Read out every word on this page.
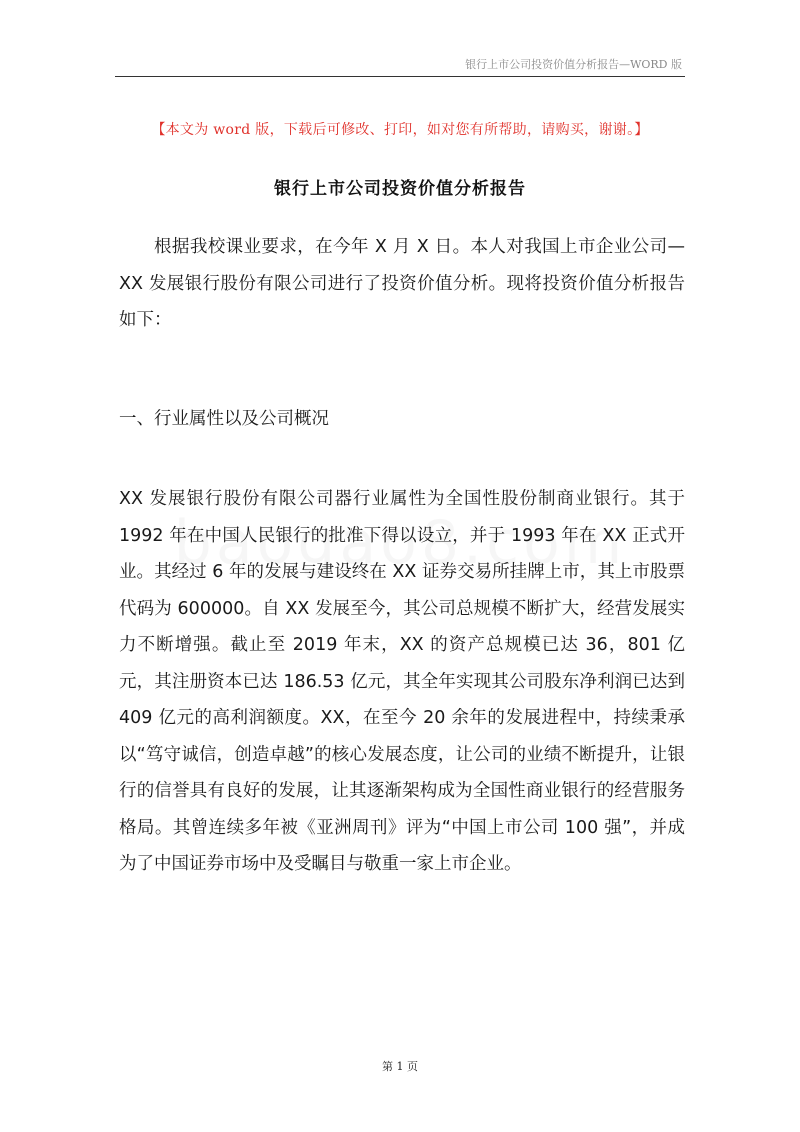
银行上市公司投资价值分析报告—WORD 版
【本文为 word 版，下载后可修改、打印，如对您有所帮助，请购买，谢谢。】
银行上市公司投资价值分析报告

根据我校课业要求，在今年 X 月 X 日。本人对我国上市企业公司—XX 发展银行股份有限公司进行了投资价值分析。现将投资价值分析报告如下：

一、行业属性以及公司概况

XX 发展银行股份有限公司器行业属性为全国性股份制商业银行。其于 1992 年在中国人民银行的批准下得以设立，并于 1993 年在 XX 正式开业。其经过 6 年的发展与建设终在 XX 证券交易所挂牌上市，其上市股票代码为 600000。自 XX 发展至今，其公司总规模不断扩大，经营发展实力不断增强。截止至 2019 年末，XX 的资产总规模已达 36，801 亿元，其注册资本已达 186.53 亿元，其全年实现其公司股东净利润已达到 409 亿元的高利润额度。XX，在至今 20 余年的发展进程中，持续秉承以“笃守诚信，创造卓越”的核心发展态度，让公司的业绩不断提升，让银行的信誉具有良好的发展，让其逐渐架构成为全国性商业银行的经营服务格局。其曾连续多年被《亚洲周刊》评为“中国上市公司 100 强”，并成为了中国证券市场中及受瞩目与敬重一家上市企业。

第 1 页
